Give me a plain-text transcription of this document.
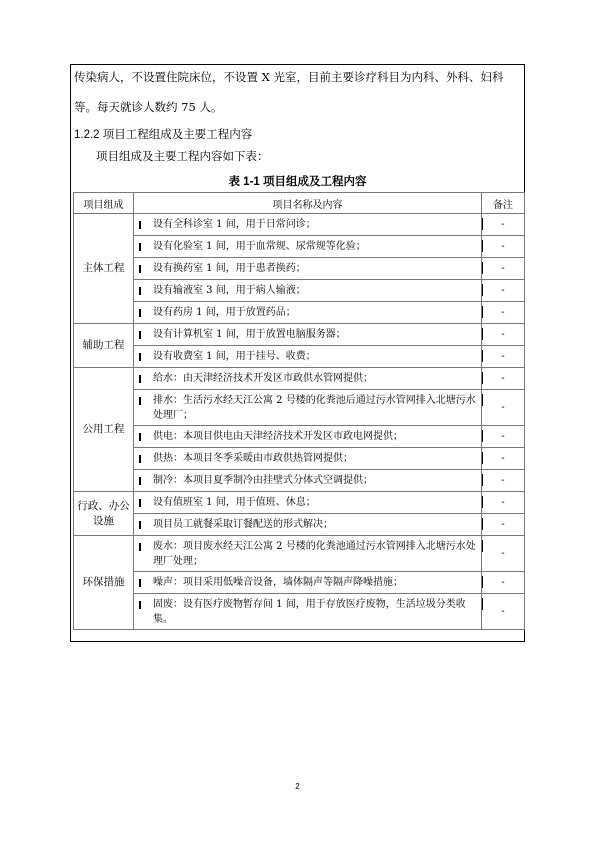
传染病人，不设置住院床位，不设置 X 光室，目前主要诊疗科目为内科、外科、妇科
等。每天就诊人数约 75 人。
1.2.2 项目工程组成及主要工程内容
项目组成及主要工程内容如下表：
表 1-1 项目组成及工程内容
项目组成	项目名称及内容	备注
主体工程	设有全科诊室 1 间，用于日常问诊；	-

	设有化验室 1 间，用于血常规、尿常规等化验；	-

	设有换药室 1 间，用于患者换药；	-

	设有输液室 3 间，用于病人输液；	-

	设有药房 1 间，用于放置药品；	-
辅助工程	设有计算机室 1 间，用于放置电脑服务器；	-

	设有收费室 1 间，用于挂号、收费；	-
公用工程	给水：由天津经济技术开发区市政供水管网提供；	-

	排水：生活污水经天江公寓 2 号楼的化粪池后通过污水管网排入北塘污水处理厂；	-

	供电：本项目供电由天津经济技术开发区市政电网提供；	-

	供热：本项目冬季采暖由市政供热管网提供；	-

	制冷：本项目夏季制冷由挂壁式分体式空调提供；	-
行政、办公设施	设有值班室 1 间，用于值班、休息；	-

	项目员工就餐采取订餐配送的形式解决；	-
环保措施	废水：项目废水经天江公寓 2 号楼的化粪池通过污水管网排入北塘污水处理厂处理；	-

	噪声：项目采用低噪音设备，墙体隔声等隔声降噪措施；	-

	固废：设有医疗废物暂存间 1 间，用于存放医疗废物，生活垃圾分类收集。	-
2
